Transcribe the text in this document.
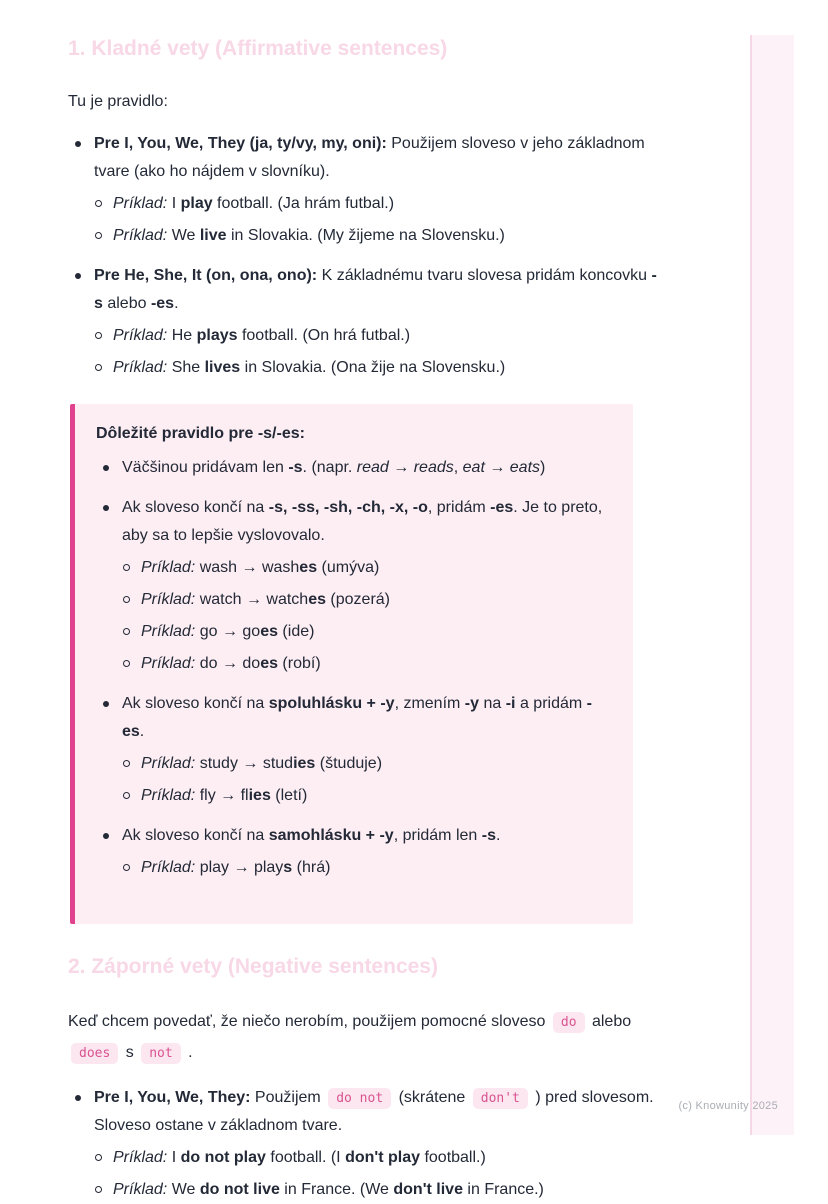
1. Kladné vety (Affirmative sentences)

Tu je pravidlo:

Pre I, You, We, They (ja, ty/vy, my, oni): Použijem sloveso v jeho základnom tvare (ako ho nájdem v slovníku).
Príklad: I play football. (Ja hrám futbal.)
Príklad: We live in Slovakia. (My žijeme na Slovensku.)
Pre He, She, It (on, ona, ono): K základnému tvaru slovesa pridám koncovku -s alebo -es.
Príklad: He plays football. (On hrá futbal.)
Príklad: She lives in Slovakia. (Ona žije na Slovensku.)
Dôležité pravidlo pre -s/-es:
Väčšinou pridávam len -s. (napr. read → reads, eat → eats)
Ak sloveso končí na -s, -ss, -sh, -ch, -x, -o, pridám -es. Je to preto, aby sa to lepšie vyslovovalo.
Príklad: wash → washes (umýva)
Príklad: watch → watches (pozerá)
Príklad: go → goes (ide)
Príklad: do → does (robí)
Ak sloveso končí na spoluhlásku + -y, zmením -y na -i a pridám -es.
Príklad: study → studies (študuje)
Príklad: fly → flies (letí)
Ak sloveso končí na samohlásku + -y, pridám len -s.
Príklad: play → plays (hrá)
2. Záporné vety (Negative sentences)

Keď chcem povedať, že niečo nerobím, použijem pomocné sloveso do alebo does s not .

Pre I, You, We, They: Použijem do not (skrátene don't ) pred slovesom. Sloveso ostane v základnom tvare.
Príklad: I do not play football. (I don't play football.)
Príklad: We do not live in France. (We don't live in France.)
(c) Knowunity 2025
